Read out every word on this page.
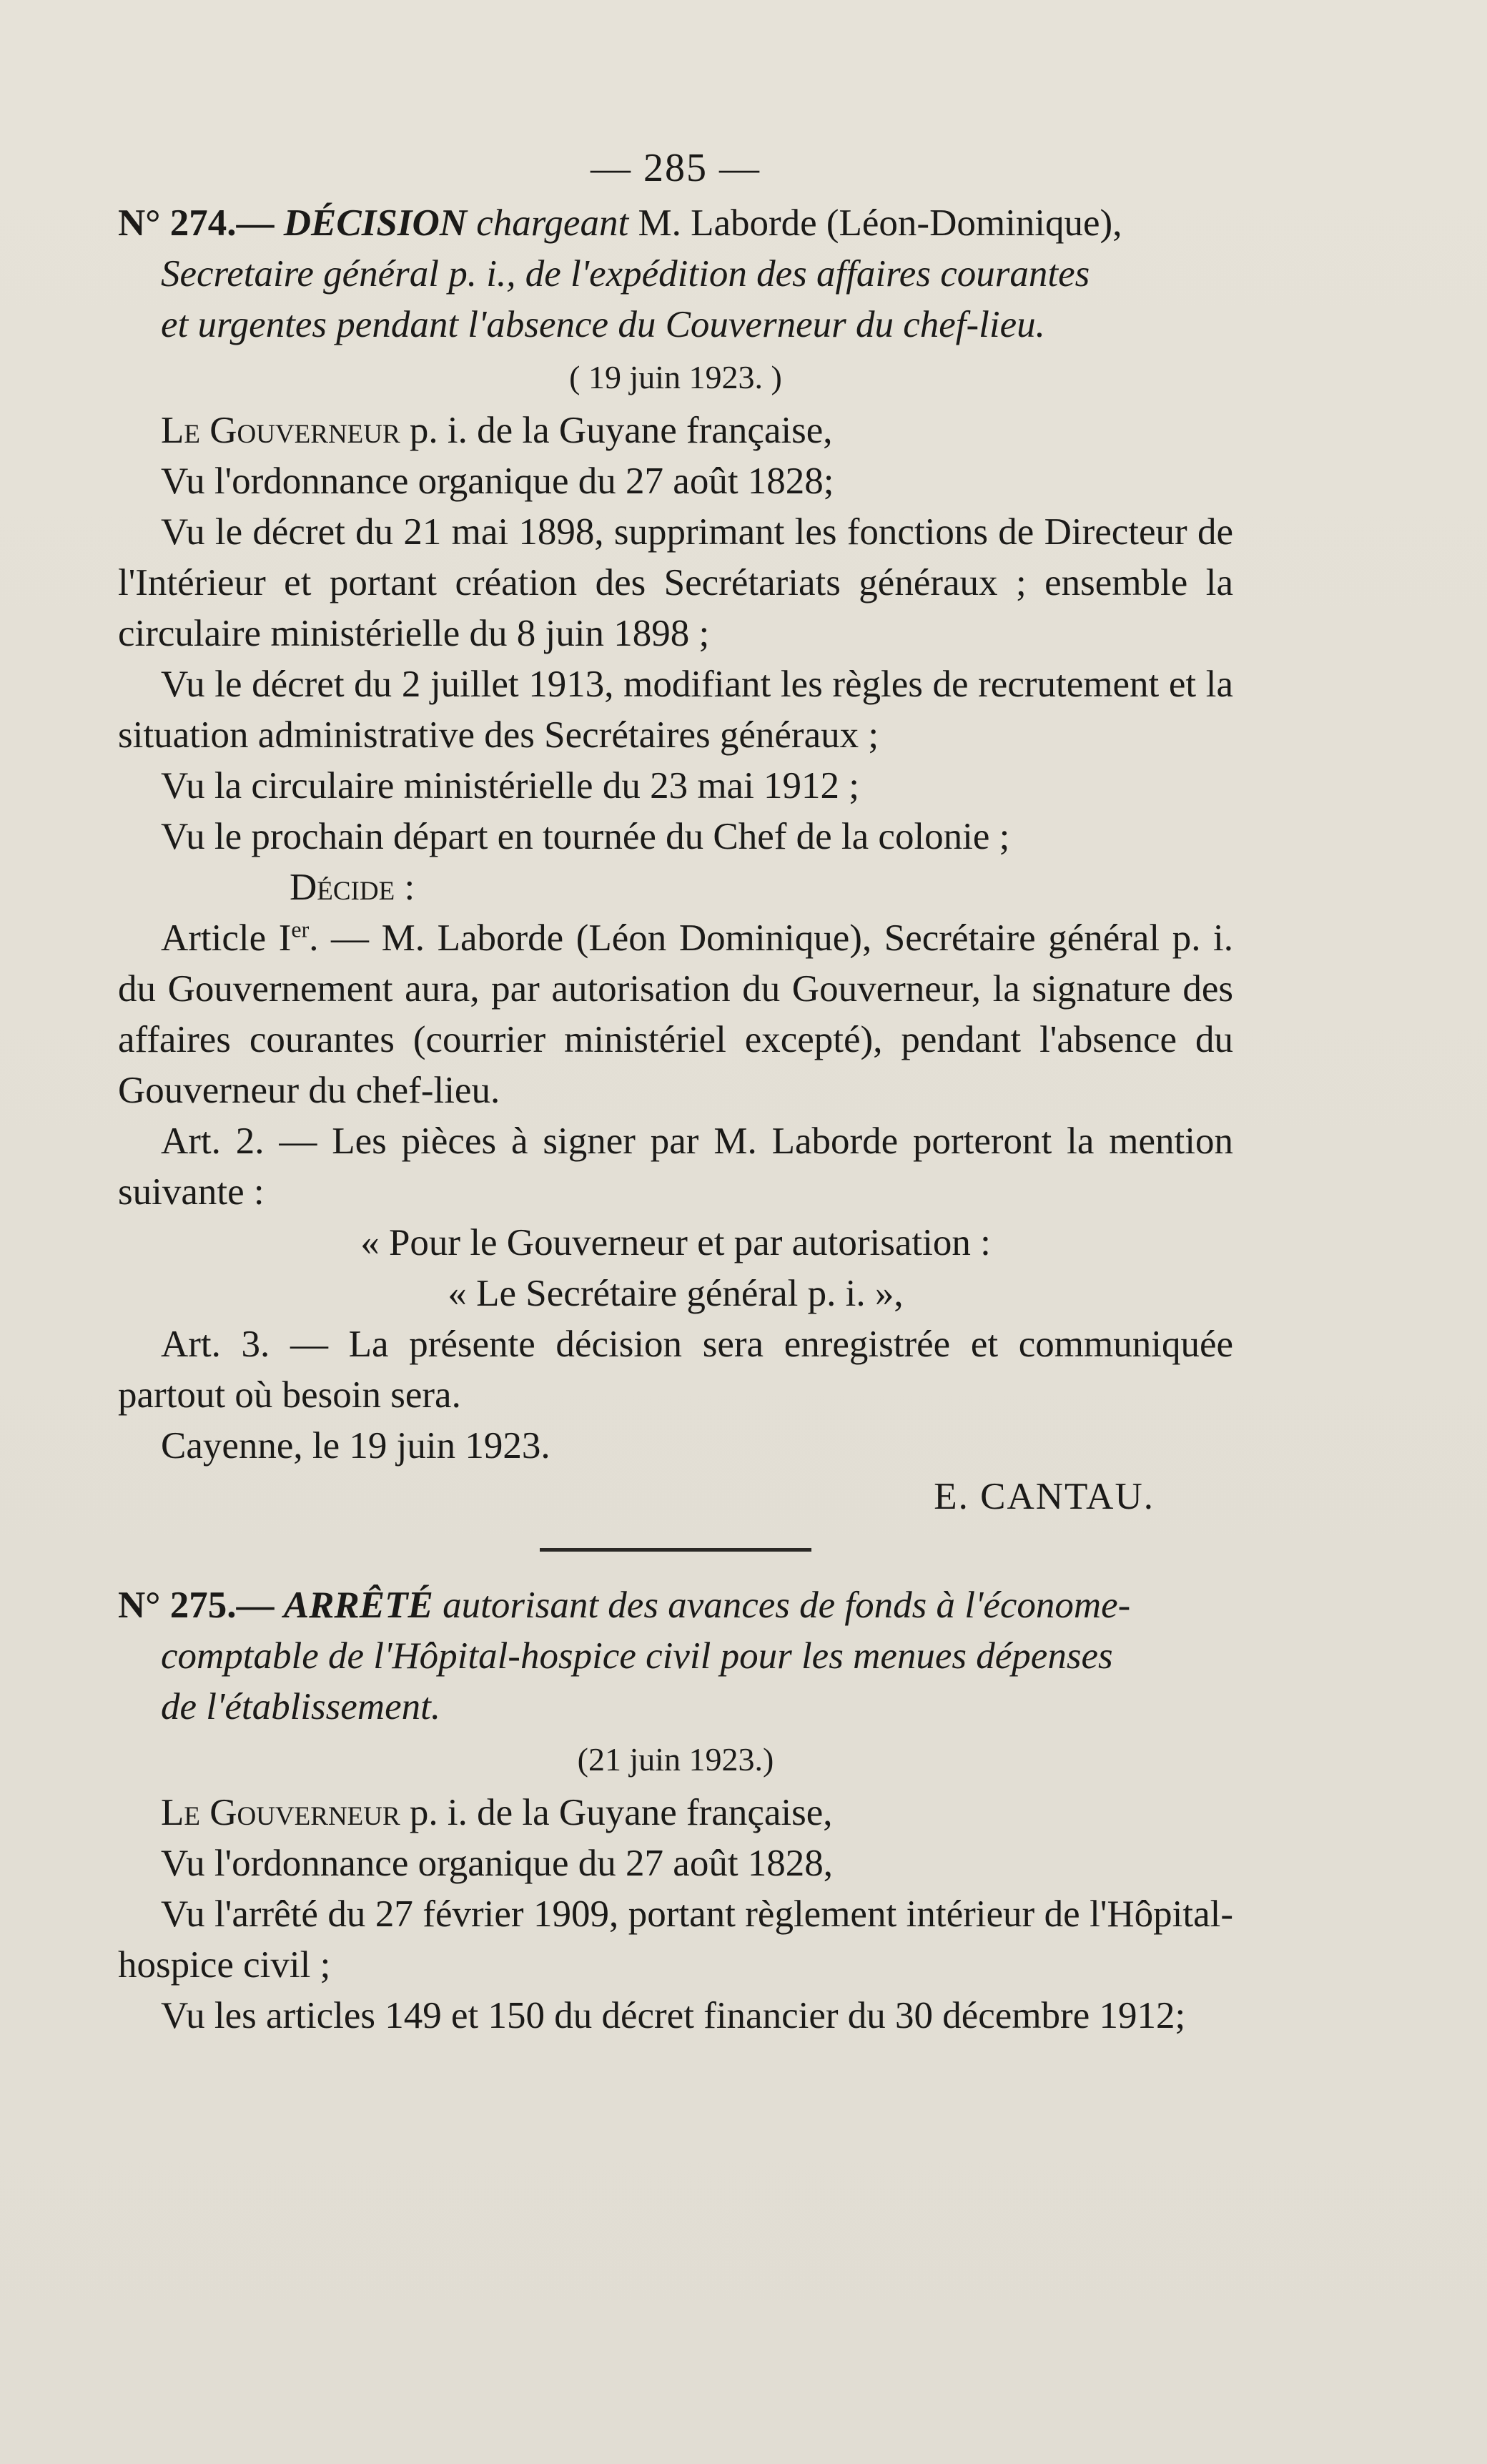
— 285 —

N° 274.— DÉCISION chargeant M. Laborde (Léon-Dominique),

Secretaire général p. i., de l'expédition des affaires courantes

et urgentes pendant l'absence du Couverneur du chef-lieu.

( 19 juin 1923. )

Le Gouverneur p. i. de la Guyane française,

Vu l'ordonnance organique du 27 août 1828;

Vu le décret du 21 mai 1898, supprimant les fonctions de Directeur de l'Intérieur et portant création des Secrétariats généraux ; ensemble la circulaire ministérielle du 8 juin 1898 ;

Vu le décret du 2 juillet 1913, modifiant les règles de recrutement et la situation administrative des Secrétaires généraux ;

Vu la circulaire ministérielle du 23 mai 1912 ;

Vu le prochain départ en tournée du Chef de la colonie ;

Décide :

Article Ier. — M. Laborde (Léon Dominique), Secrétaire général p. i. du Gouvernement aura, par autorisation du Gouverneur, la signature des affaires courantes (courrier ministériel excepté), pendant l'absence du Gouverneur du chef-lieu.

Art. 2. — Les pièces à signer par M. Laborde porteront la mention suivante :

« Pour le Gouverneur et par autorisation :

« Le Secrétaire général p. i. »,

Art. 3. — La présente décision sera enregistrée et communiquée partout où besoin sera.

Cayenne, le 19 juin 1923.

E. CANTAU.

N° 275.— ARRÊTÉ autorisant des avances de fonds à l'économe-

comptable de l'Hôpital-hospice civil pour les menues dépenses

de l'établissement.

(21 juin 1923.)

Le Gouverneur p. i. de la Guyane française,

Vu l'ordonnance organique du 27 août 1828,

Vu l'arrêté du 27 février 1909, portant règlement intérieur de l'Hôpital-hospice civil ;

Vu les articles 149 et 150 du décret financier du 30 décembre 1912;
